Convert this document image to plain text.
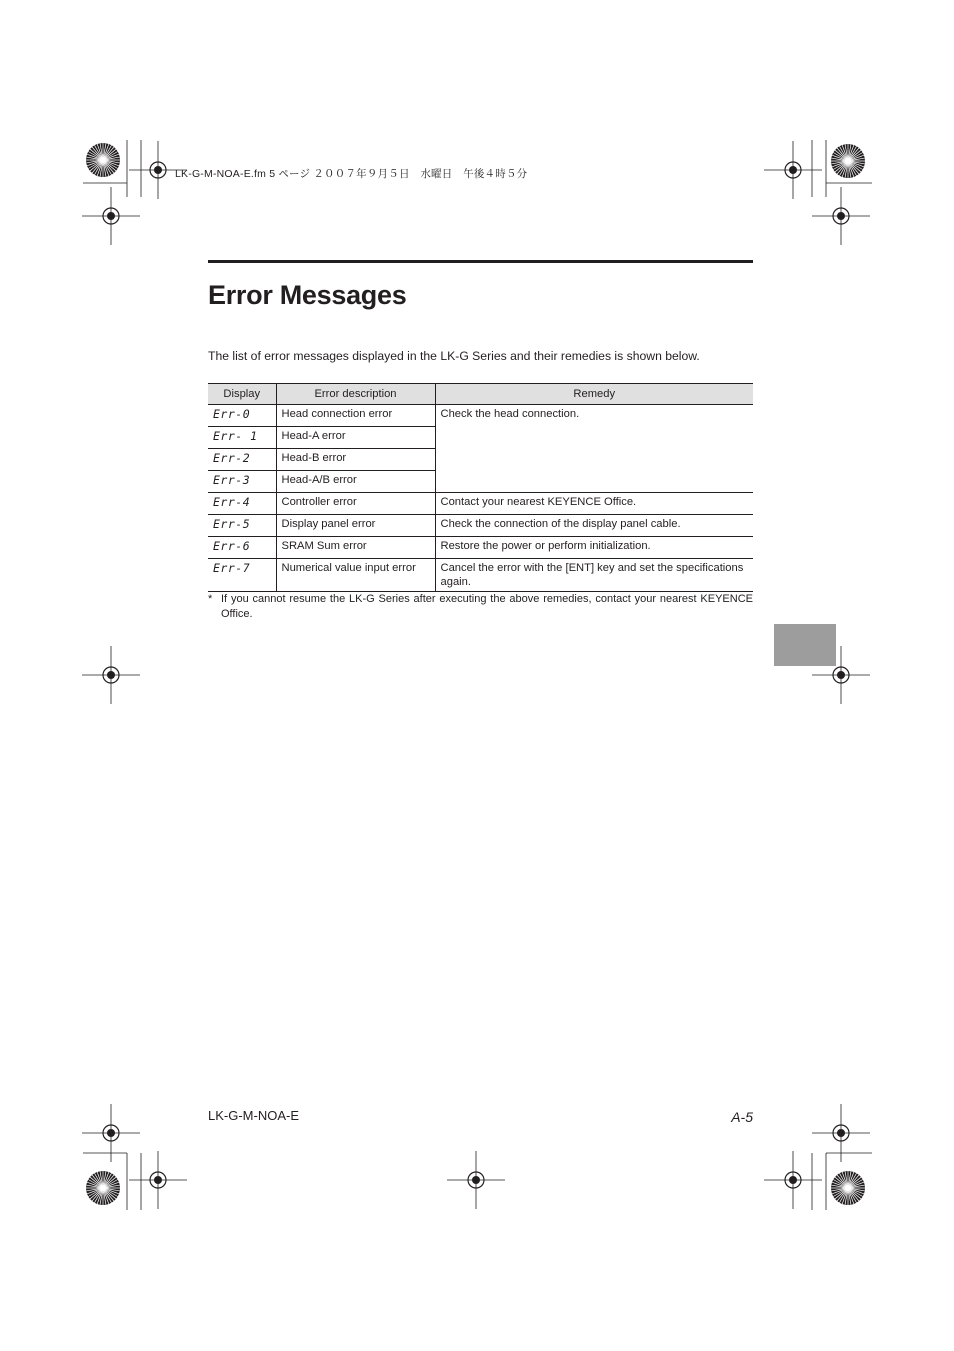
LK-G-M-NOA-E.fm 5 ページ ２００７年９月５日　水曜日　午後４時５分
Error Messages
The list of error messages displayed in the LK-G Series and their remedies is shown below.
Display	Error description	Remedy
Err-0	Head connection error	Check the head connection.
Err- 1	Head-A error	
Err-2	Head-B error	
Err-3	Head-A/B error	
Err-4	Controller error	Contact your nearest KEYENCE Office.
Err-5	Display panel error	Check the connection of the display panel cable.
Err-6	SRAM Sum error	Restore the power or perform initialization.
Err-7	Numerical value input error	Cancel the error with the [ENT] key and set the specifications again.
* If you cannot resume the LK-G Series after executing the above remedies, contact your nearest KEYENCE Office.
LK-G-M-NOA-E	A-5
